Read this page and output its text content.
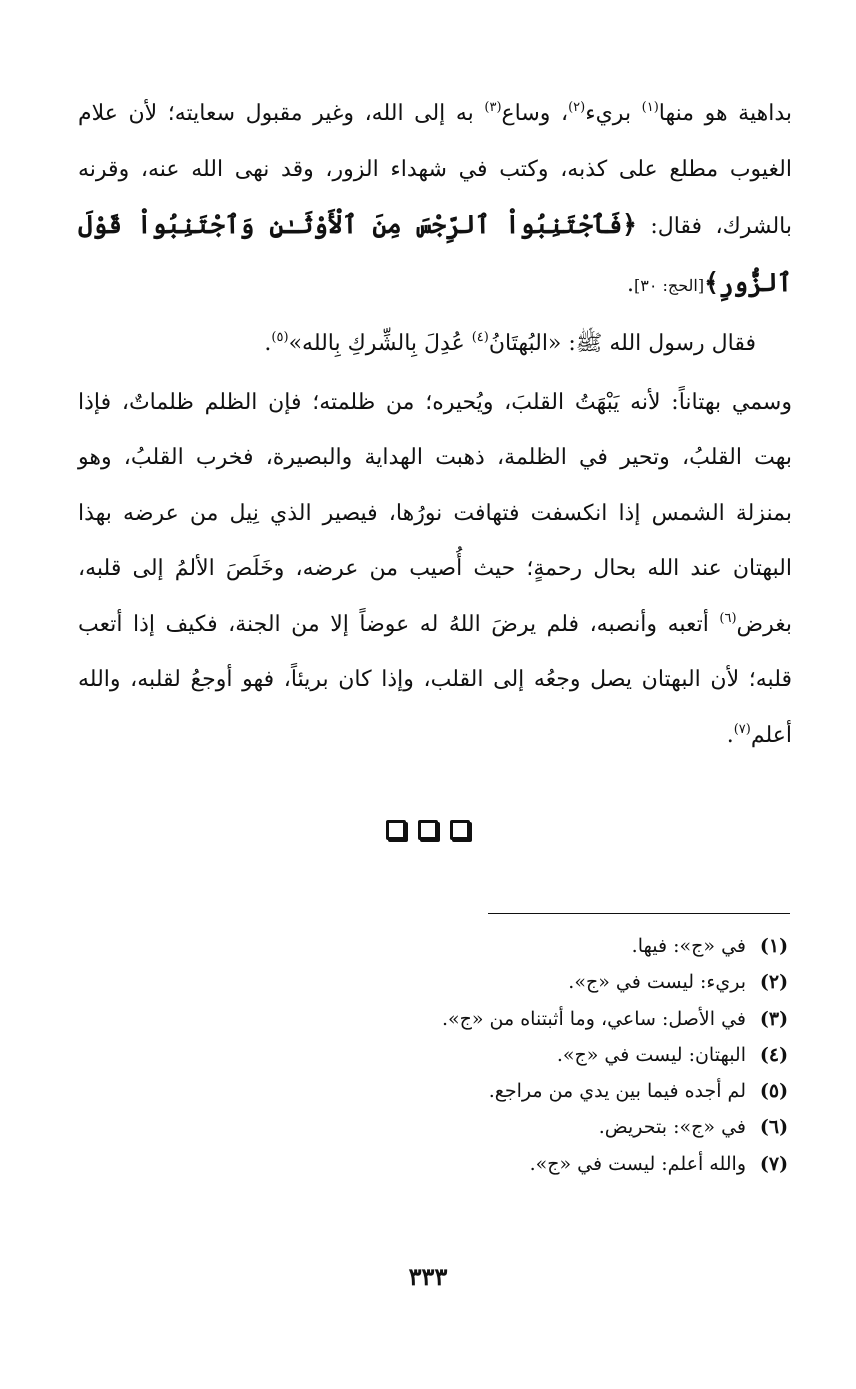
بداهية هو منها$^{(١)}$ بريء$^{(٢)}$، وساع$^{(٣)}$ به إلى الله، وغير مقبول سعايته؛ لأن علام الغيوب مطلع على كذبه، وكتب في شهداء الزور، وقد نهى الله عنه، وقرنه بالشرك، فقال: ﴿فَٱجْتَنِبُواْ ٱلرِّجْسَ مِنَ ٱلْأَوْثَـٰنِ وَٱجْتَنِبُواْ قَوْلَ ٱلزُّورِ﴾[الحج: ٣٠].

فقال رسول الله ﷺ: «البُهتَانُ$^{(٤)}$ عُدِلَ بِالشِّركِ بِالله»$^{(٥)}$.

وسمي بهتاناً: لأنه يَبْهَتُ القلبَ، ويُحيره؛ من ظلمته؛ فإن الظلم ظلماتٌ، فإذا بهت القلبُ، وتحير في الظلمة، ذهبت الهداية والبصيرة، فخرب القلبُ، وهو بمنزلة الشمس إذا انكسفت فتهافت نورُها، فيصير الذي نِيل من عرضه بهذا البهتان عند الله بحال رحمةٍ؛ حيث أُصيب من عرضه، وخَلَصَ الألمُ إلى قلبه، بغرض$^{(٦)}$ أتعبه وأنصبه، فلم يرضَ اللهُ له عوضاً إلا من الجنة، فكيف إذا أتعب قلبه؛ لأن البهتان يصل وجعُه إلى القلب، وإذا كان بريئاً، فهو أوجعُ لقلبه، والله أعلم$^{(٧)}$.

(١)
في «ج»: فيها.
(٢)
بريء: ليست في «ج».
(٣)
في الأصل: ساعي، وما أثبتناه من «ج».
(٤)
البهتان: ليست في «ج».
(٥)
لم أجده فيما بين يدي من مراجع.
(٦)
في «ج»: بتحريض.
(٧)
والله أعلم: ليست في «ج».
٣٣٣
